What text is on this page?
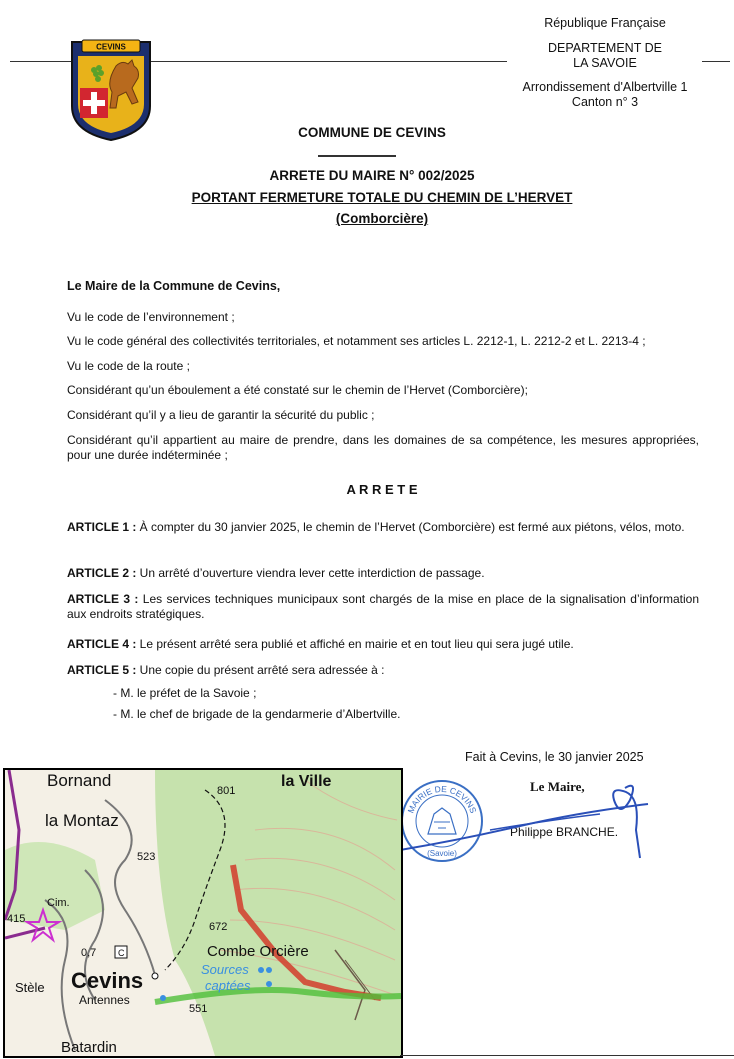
CEVINS
République Française
DEPARTEMENT DE
LA SAVOIE
Arrondissement d'Albertville 1
Canton n° 3
COMMUNE DE CEVINS
ARRETE DU MAIRE N° 002/2025
PORTANT FERMETURE TOTALE DU CHEMIN DE L’HERVET
(Comborcière)
Le Maire de la Commune de Cevins,
Vu le code de l’environnement ;
Vu le code général des collectivités territoriales, et notamment ses articles L. 2212-1, L. 2212-2 et L. 2213-4 ;
Vu le code de la route ;
Considérant qu’un éboulement a été constaté sur le chemin de l’Hervet (Comborcière);
Considérant qu’il y a lieu de garantir la sécurité du public ;
Considérant qu’il appartient au maire de prendre, dans les domaines de sa compétence, les mesures appropriées, pour une durée indéterminée ;
A R R E T E
ARTICLE 1 : À compter du 30 janvier 2025, le chemin de l’Hervet (Comborcière) est fermé aux piétons, vélos, moto.
ARTICLE 2 : Un arrêté d’ouverture viendra lever cette interdiction de passage.
ARTICLE 3 : Les services techniques municipaux sont chargés de la mise en place de la signalisation d’information aux endroits stratégiques.
ARTICLE 4 : Le présent arrêté sera publié et affiché en mairie et en tout lieu qui sera jugé utile.
ARTICLE 5 : Une copie du présent arrêté sera adressée à :
- M. le préfet de la Savoie ;
- M. le chef de brigade de la gendarmerie d’Albertville.
Fait à Cevins, le 30 janvier 2025
Le Maire,
Philippe BRANCHE.
MAIRIE DE CEVINS
(Savoie)
Bornand	la Ville
la Montaz
801
523
Cim.
415
672
0,7 C	Combe Orcière
Sources
captées
Cevins
Stèle
Antennes
551
Batardin
